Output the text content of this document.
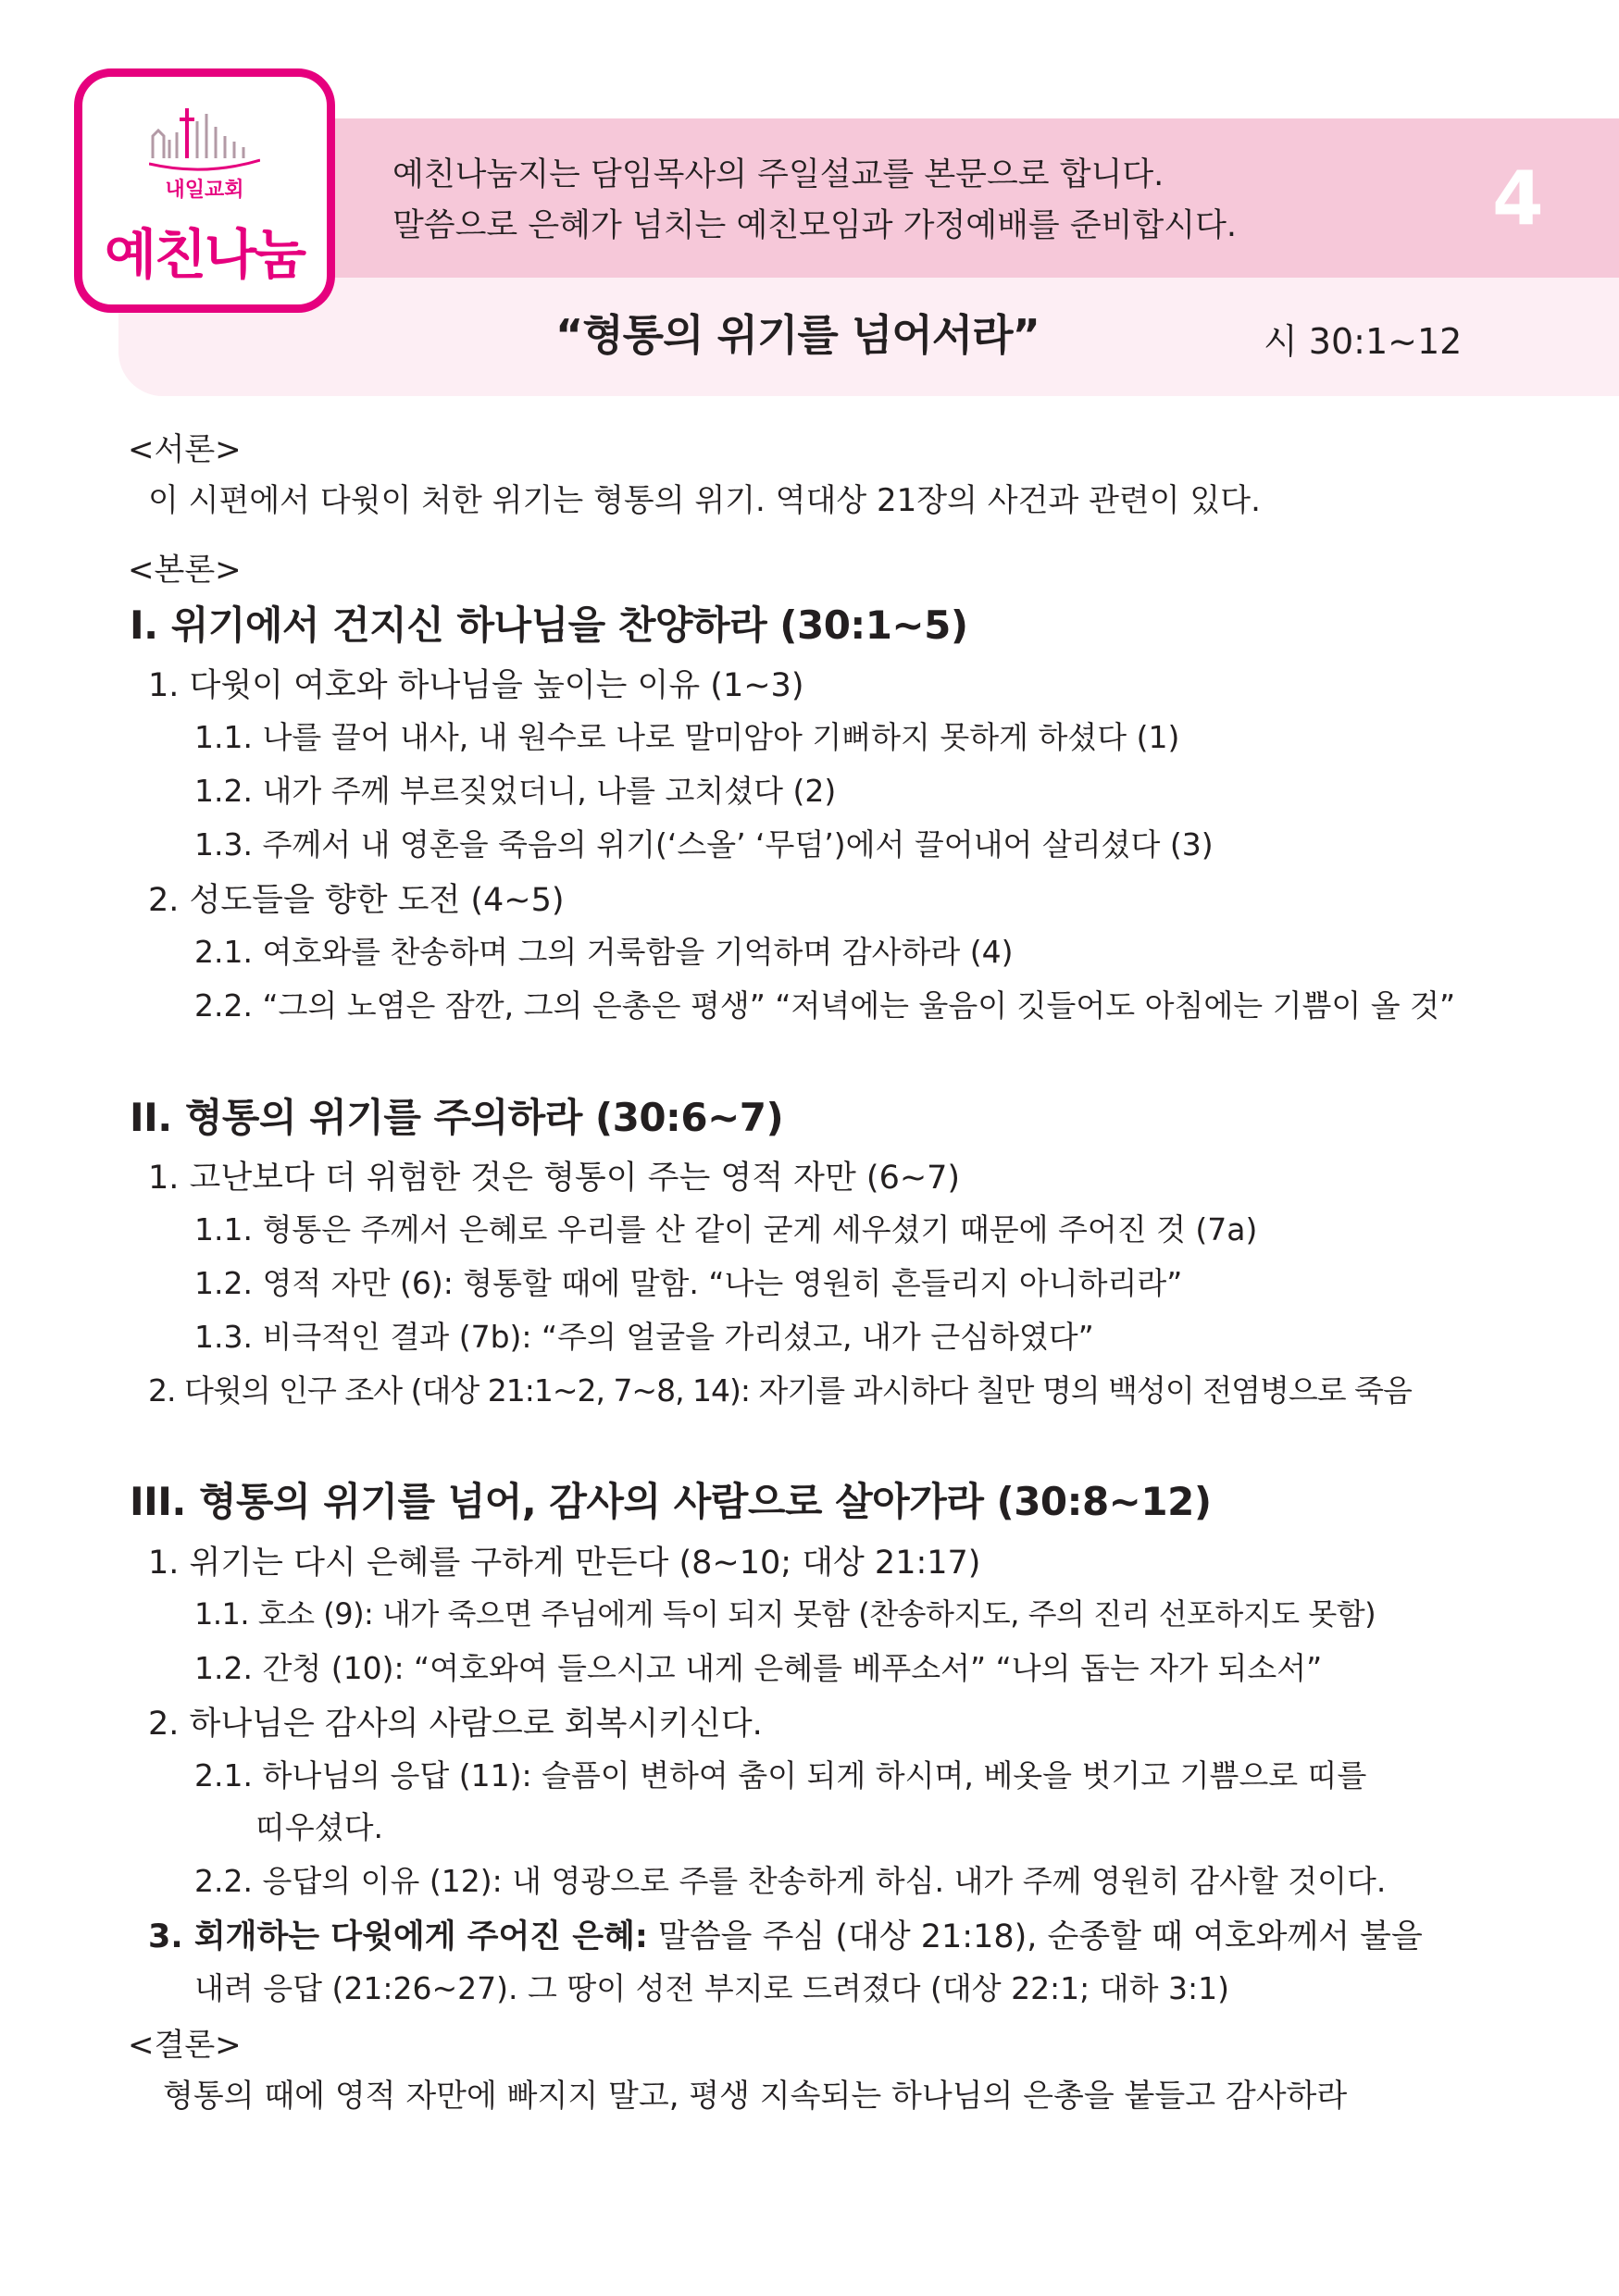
내일교회
예친나눔
예친나눔지는 담임목사의 주일설교를 본문으로 합니다.
말씀으로 은혜가 넘치는 예친모임과 가정예배를 준비합시다.	4
“형통의 위기를 넘어서라”	시 30:1~12
<서론>
이 시편에서 다윗이 처한 위기는 형통의 위기. 역대상 21장의 사건과 관련이 있다.
<본론>
I. 위기에서 건지신 하나님을 찬양하라 (30:1~5)
1. 다윗이 여호와 하나님을 높이는 이유 (1~3)
1.1. 나를 끌어 내사, 내 원수로 나로 말미암아 기뻐하지 못하게 하셨다 (1)
1.2. 내가 주께 부르짖었더니, 나를 고치셨다 (2)
1.3. 주께서 내 영혼을 죽음의 위기(‘스올’ ‘무덤’)에서 끌어내어 살리셨다 (3)
2. 성도들을 향한 도전 (4~5)
2.1. 여호와를 찬송하며 그의 거룩함을 기억하며 감사하라 (4)
2.2. “그의 노염은 잠깐, 그의 은총은 평생” “저녁에는 울음이 깃들어도 아침에는 기쁨이 올 것”
II. 형통의 위기를 주의하라 (30:6~7)
1. 고난보다 더 위험한 것은 형통이 주는 영적 자만 (6~7)
1.1. 형통은 주께서 은혜로 우리를 산 같이 굳게 세우셨기 때문에 주어진 것 (7a)
1.2. 영적 자만 (6): 형통할 때에 말함. “나는 영원히 흔들리지 아니하리라”
1.3. 비극적인 결과 (7b): “주의 얼굴을 가리셨고, 내가 근심하였다”
2. 다윗의 인구 조사 (대상 21:1~2, 7~8, 14): 자기를 과시하다 칠만 명의 백성이 전염병으로 죽음
III. 형통의 위기를 넘어, 감사의 사람으로 살아가라 (30:8~12)
1. 위기는 다시 은혜를 구하게 만든다 (8~10; 대상 21:17)
1.1. 호소 (9): 내가 죽으면 주님에게 득이 되지 못함 (찬송하지도, 주의 진리 선포하지도 못함)
1.2. 간청 (10): “여호와여 들으시고 내게 은혜를 베푸소서” “나의 돕는 자가 되소서”
2. 하나님은 감사의 사람으로 회복시키신다.
2.1. 하나님의 응답 (11): 슬픔이 변하여 춤이 되게 하시며, 베옷을 벗기고 기쁨으로 띠를
띠우셨다.
2.2. 응답의 이유 (12): 내 영광으로 주를 찬송하게 하심. 내가 주께 영원히 감사할 것이다.
3. 회개하는 다윗에게 주어진 은혜: 말씀을 주심 (대상 21:18), 순종할 때 여호와께서 불을
내려 응답 (21:26~27). 그 땅이 성전 부지로 드려졌다 (대상 22:1; 대하 3:1)
<결론>
형통의 때에 영적 자만에 빠지지 말고, 평생 지속되는 하나님의 은총을 붙들고 감사하라
